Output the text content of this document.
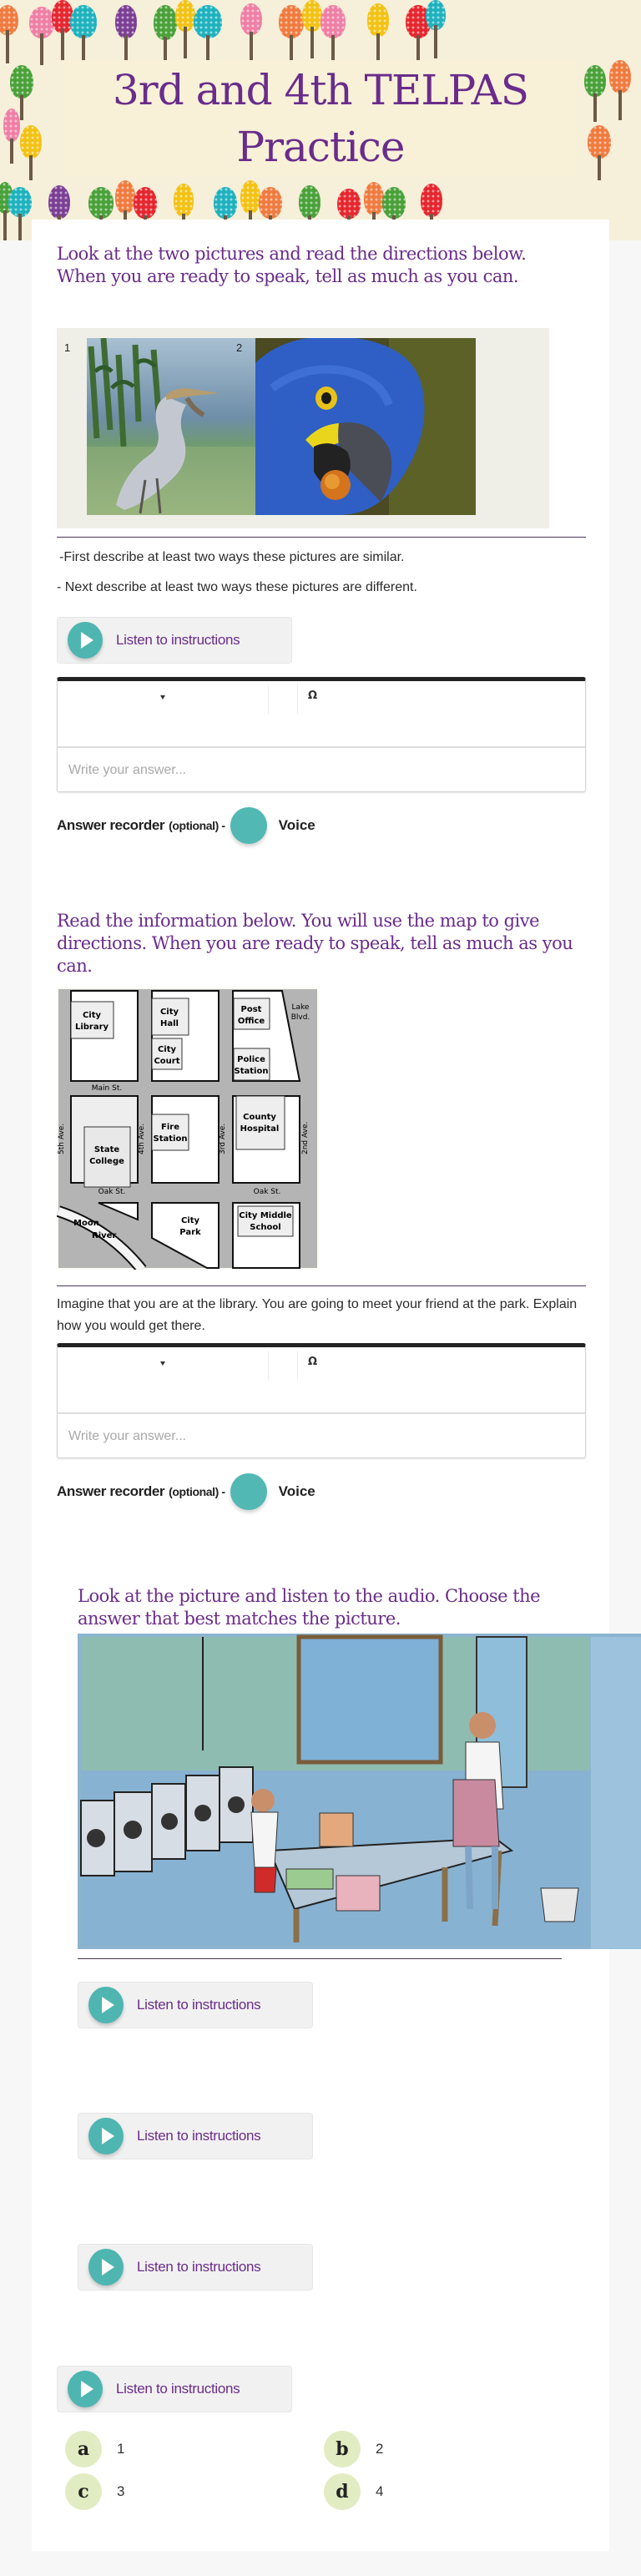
3rd and 4th TELPAS
Practice
Look at the two pictures and read the directions below. When you are ready to speak, tell as much as you can.
1	2
-First describe at least two ways these pictures are similar.
- Next describe at least two ways these pictures are different.
Listen to instructions
Ω
Write your answer...
Answer recorder (optional) -	Voice
Read the information below. You will use the map to give directions. When you are ready to speak, tell as much as you can.
City
Library
City
Hall
City
Court
Post
Office
Police
Station
Lake
Blvd.
Main St.
State
College
Fire
Station
County
Hospital
5th Ave.	4th Ave.	3rd Ave.	2nd Ave.
Oak St.	Oak St.
Moon
River
City
Park
City Middle
School
Imagine that you are at the library. You are going to meet your friend at the park. Explain how you would get there.
Ω
Write your answer...
Answer recorder (optional) -	Voice
Look at the picture and listen to the audio. Choose the answer that best matches the picture.
Listen to instructions
Listen to instructions
Listen to instructions
Listen to instructions
a	1	b	2
c	3	d	4
